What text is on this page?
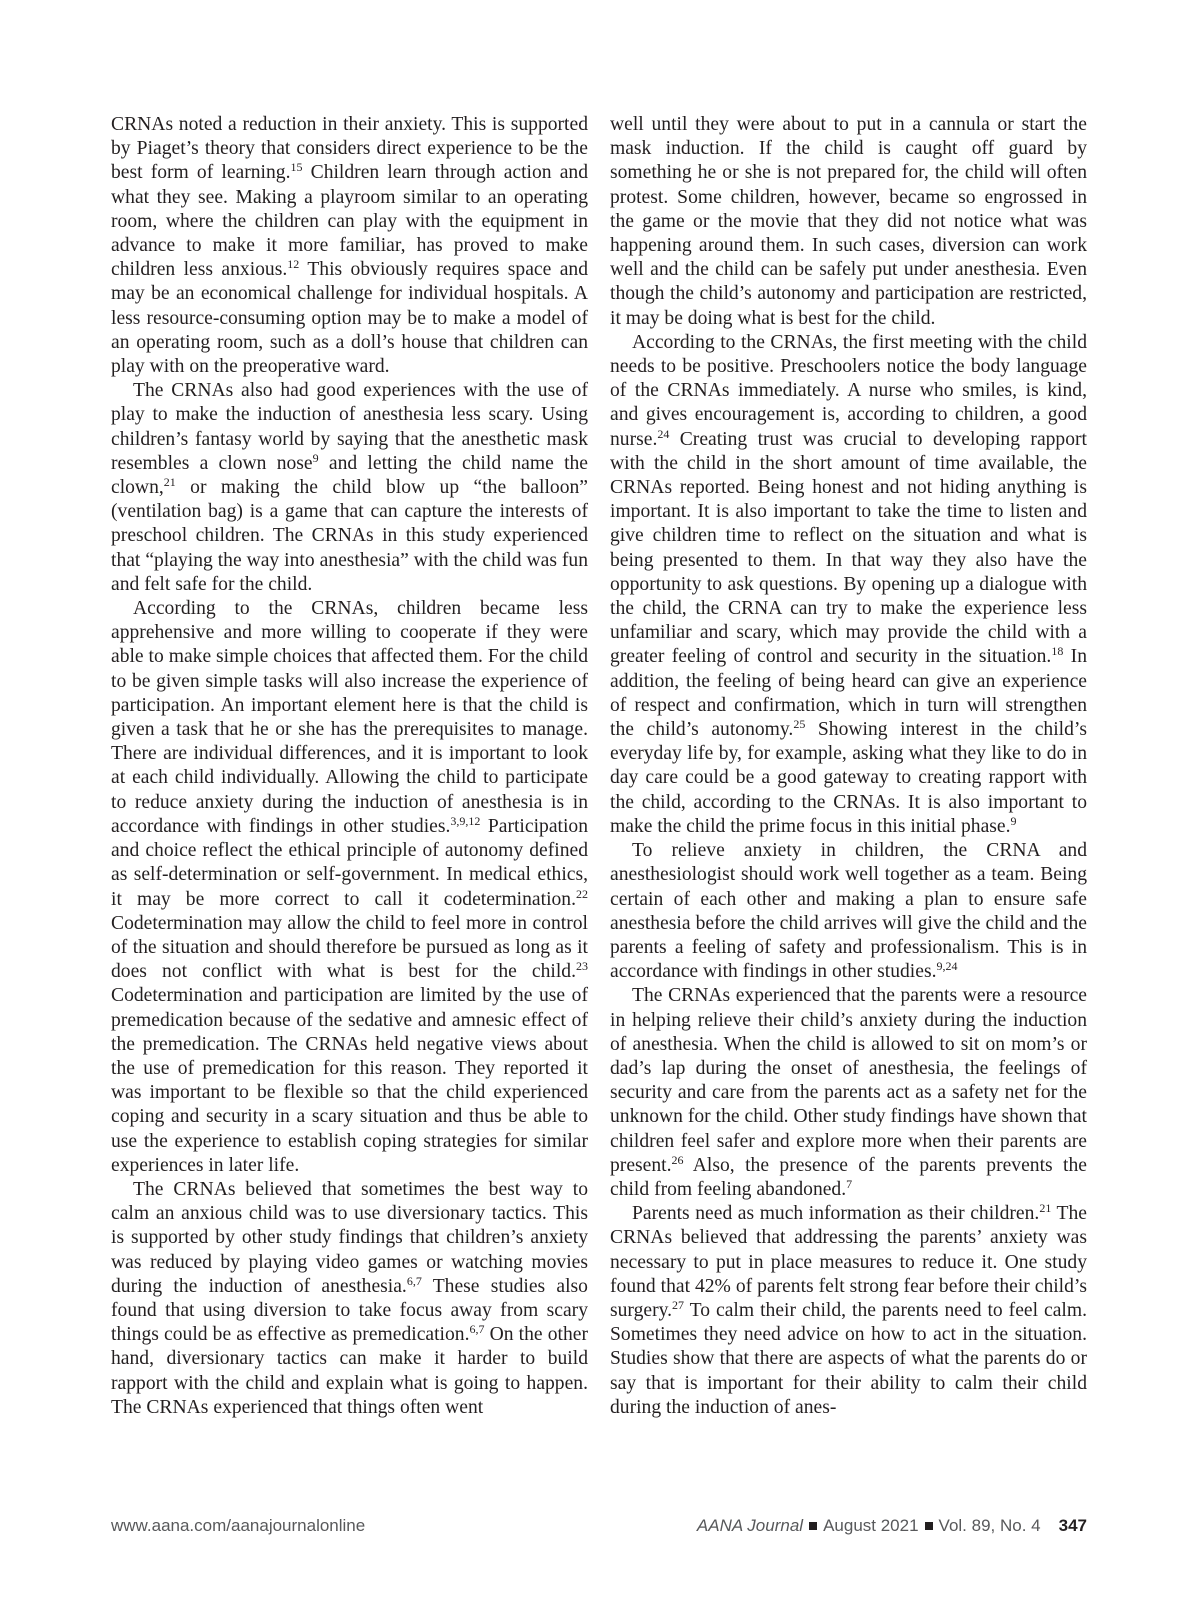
CRNAs noted a reduction in their anxiety. This is supported by Piaget’s theory that considers direct experience to be the best form of learning.$^{15}$ Children learn through action and what they see. Making a playroom similar to an operating room, where the children can play with the equipment in advance to make it more familiar, has proved to make children less anxious.$^{12}$ This obviously requires space and may be an economical challenge for individual hospitals. A less resource-consuming option may be to make a model of an operating room, such as a doll’s house that children can play with on the preoperative ward.

The CRNAs also had good experiences with the use of play to make the induction of anesthesia less scary. Using children’s fantasy world by saying that the anesthetic mask resembles a clown nose$^9$ and letting the child name the clown,$^{21}$ or making the child blow up “the balloon” (ventilation bag) is a game that can capture the interests of preschool children. The CRNAs in this study experienced that “playing the way into anesthesia” with the child was fun and felt safe for the child.

According to the CRNAs, children became less apprehensive and more willing to cooperate if they were able to make simple choices that affected them. For the child to be given simple tasks will also increase the experience of participation. An important element here is that the child is given a task that he or she has the prerequisites to manage. There are individual differences, and it is important to look at each child individually. Allowing the child to participate to reduce anxiety during the induction of anesthesia is in accordance with findings in other studies.$^{3,9,12}$ Participation and choice reflect the ethical principle of autonomy defined as self-determination or self-government. In medical ethics, it may be more correct to call it codetermination.$^{22}$ Codetermination may allow the child to feel more in control of the situation and should therefore be pursued as long as it does not conflict with what is best for the child.$^{23}$ Codetermination and participation are limited by the use of premedication because of the sedative and amnesic effect of the premedication. The CRNAs held negative views about the use of premedication for this reason. They reported it was important to be flexible so that the child experienced coping and security in a scary situation and thus be able to use the experience to establish coping strategies for similar experiences in later life.

The CRNAs believed that sometimes the best way to calm an anxious child was to use diversionary tactics. This is supported by other study findings that children’s anxiety was reduced by playing video games or watching movies during the induction of anesthesia.$^{6,7}$ These studies also found that using diversion to take focus away from scary things could be as effective as premedication.$^{6,7}$ On the other hand, diversionary tactics can make it harder to build rapport with the child and explain what is going to happen. The CRNAs experienced that things often went

well until they were about to put in a cannula or start the mask induction. If the child is caught off guard by something he or she is not prepared for, the child will often protest. Some children, however, became so engrossed in the game or the movie that they did not notice what was happening around them. In such cases, diversion can work well and the child can be safely put under anesthesia. Even though the child’s autonomy and participation are restricted, it may be doing what is best for the child.

According to the CRNAs, the first meeting with the child needs to be positive. Preschoolers notice the body language of the CRNAs immediately. A nurse who smiles, is kind, and gives encouragement is, according to children, a good nurse.$^{24}$ Creating trust was crucial to developing rapport with the child in the short amount of time available, the CRNAs reported. Being honest and not hiding anything is important. It is also important to take the time to listen and give children time to reflect on the situation and what is being presented to them. In that way they also have the opportunity to ask questions. By opening up a dialogue with the child, the CRNA can try to make the experience less unfamiliar and scary, which may provide the child with a greater feeling of control and security in the situation.$^{18}$ In addition, the feeling of being heard can give an experience of respect and confirmation, which in turn will strengthen the child’s autonomy.$^{25}$ Showing interest in the child’s everyday life by, for example, asking what they like to do in day care could be a good gateway to creating rapport with the child, according to the CRNAs. It is also important to make the child the prime focus in this initial phase.$^9$

To relieve anxiety in children, the CRNA and anesthesiologist should work well together as a team. Being certain of each other and making a plan to ensure safe anesthesia before the child arrives will give the child and the parents a feeling of safety and professionalism. This is in accordance with findings in other studies.$^{9,24}$

The CRNAs experienced that the parents were a resource in helping relieve their child’s anxiety during the induction of anesthesia. When the child is allowed to sit on mom’s or dad’s lap during the onset of anesthesia, the feelings of security and care from the parents act as a safety net for the unknown for the child. Other study findings have shown that children feel safer and explore more when their parents are present.$^{26}$ Also, the presence of the parents prevents the child from feeling abandoned.$^7$

Parents need as much information as their children.$^{21}$ The CRNAs believed that addressing the parents’ anxiety was necessary to put in place measures to reduce it. One study found that 42% of parents felt strong fear before their child’s surgery.$^{27}$ To calm their child, the parents need to feel calm. Sometimes they need advice on how to act in the situation. Studies show that there are aspects of what the parents do or say that is important for their ability to calm their child during the induction of anes-

www.aana.com/aanajournalonline	AANA Journal August 2021 Vol. 89, No. 4 347
